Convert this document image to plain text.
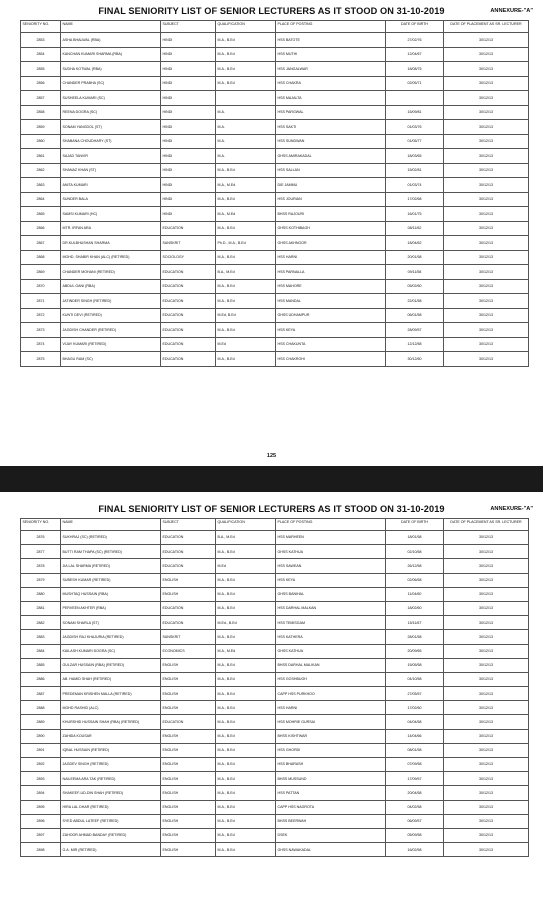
FINAL SENIORITY LIST OF SENIOR LECTURERS AS IT STOOD ON 31-10-2019	ANNEXURE-"A"
SENIORITY NO.	NAME	SUBJECT	QUALIFICATION	PLACE OF POSTING	DATE OF BIRTH	DATE OF PLACEMENT AS SR. LECTURER
2853	ASHA BHALWAL (RBA)	HINDI	M.A., B.Ed	HSS BATOTE	27/02/76	30/12/13
2854	KANCHAN KUMARI SHARMA (RBA)	HINDI	M.A., B.Ed	HSS MUTHI	12/04/67	30/12/13
2855	SUDHA KOTWAL (RBA)	HINDI	M.A., B.Ed	HSS JANGALWAR	18/08/75	30/12/13
2856	CHANDER PRABHA (SC)	HINDI	M.A., B.Ed	HSS CHAKRA	02/05/71	30/12/13
2857	SUSHEELA KUMARI (SC)	HINDI		HSS MAJALTA		30/12/13
2858	REENA DOGRA (SC)	HINDI	M.A.	HSS PARGWAL	15/09/81	30/12/13
2859	SONAM YANGDOL (ST)	HINDI	M.A.	HSS SAKTI	01/03/76	30/12/13
2860	SHABANA CHOUDHARY (ST)	HINDI	M.A.	HSS SUNDWAN	01/05/77	30/12/13
2861	SAJAD TANVIR	HINDI	M.A.	GHSS AMIRAKADAL	18/03/65	30/12/13
2862	SHANAZ KHAN (ST)	HINDI	M.A., B.Ed	HSS SALLAN	15/02/81	30/12/13
2863	ANITA KUMARI	HINDI	M.A., M.Ed	DIE JAMMU	01/03/74	30/12/13
2864	SUNDER BALA	HINDI	M.A., B.Ed	HSS JOURIAN	17/02/68	30/12/13
2865	SAMSI KUMARI (HC)	HINDI	M.A., M.Ed	BHSS RAJOURI	16/01/75	30/12/13
2866	MTR. IRFAN ARA	EDUCATION	M.A., B.Ed	GHSS KOTHIBAGH	08/11/62	30/12/13
2867	DR.KULBHUSHAN SHARMA	SANSKRIT	Ph.D., M.A., B.Ed	GHSS AKHNOOR	18/04/62	30/12/13
2868	MOHD. SHABIR KHAN (ALC) (RETIRED)	SOCIOLOGY	M.A., B.Ed	HSS HARNI	20/01/58	30/12/13
2869	CHANDER MOHANI (RETIRED)	EDUCATION	B.A., M.Ed	HSS PARNALLA	09/11/58	30/12/13
2870	ABDUL GANI (RBA)	EDUCATION	M.A., B.Ed	HSS MAHORE	05/02/60	30/12/13
2871	JATINDER SINGH (RETIRED)	EDUCATION	M.A., B.Ed	HSS MANDAL	22/01/58	30/12/13
2872	KUNTI DEVI (RETIRED)	EDUCATION	M.Ed, B.Ed	GHSS UDHAMPUR	06/01/58	30/12/13
2873	JAGDISH CHANDER (RETIRED)	EDUCATION	M.A., B.Ed	HSS KEYA	28/09/57	30/12/13
2874	VIJAY KUMARI (RETIRED)	EDUCATION	M.Ed	HSS CHAKUNTA	12/12/58	30/12/13
2875	BHAGU RAM (SC)	EDUCATION	M.A., B.Ed	HSS CHAKROHI	30/12/60	30/12/13
125
FINAL SENIORITY LIST OF SENIOR LECTURERS AS IT STOOD ON 31-10-2019	ANNEXURE-"A"
SENIORITY NO.	NAME	SUBJECT	QUALIFICATION	PLACE OF POSTING	DATE OF BIRTH	DATE OF PLACEMENT AS SR. LECTURER
2876	SUKHRAJ (SC) (RETIRED)	EDUCATION	B.A., M.Ed	HSS MARHEEN	18/01/58	30/12/13
2877	BUTTI RAM THAPA (SC) (RETIRED)	EDUCATION	M.A., B.Ed	GHSS KATHUA	02/10/58	30/12/13
2878	JIA LAL SHARMA (RETIRED)	EDUCATION	M.Ed	HSS SAWEAN	26/12/58	30/12/13
2879	SUBESH KUMAR (RETIRED)	ENGLISH	M.A., B.Ed	HSS KEYA	02/06/58	30/12/13
2880	MUSHTAQ HUSSAIN (RBA)	ENGLISH	M.A., B.Ed	GHSS BANIHAL	11/04/60	30/12/13
2881	PERVEEN AKHTER (RBA)	EDUCATION	M.A., B.Ed	HSS DARHAL MALKAN	18/02/60	30/12/13
2882	SONAM SHARLA (ST)	EDUCATION	M.Ed., B.Ed	HSS TEMISGAM	15/11/67	30/12/13
2883	JAGDISH RAJ KHAJURIA (RETIRED)	SANSKRIT	M.A., B.Ed	HSS KATHERA	28/01/58	30/12/13
2884	KAILASH KUMARI DOGRA (SC)	ECONOMICS	M.A., M.Ed	GHSS KATHUA	20/09/65	30/12/13
2885	GULZAR HUSSAIN (RBA) (RETIRED)	ENGLISH	M.A., B.Ed	BHSS DARHAL MALIKAN	15/05/58	30/12/13
2886	AB. HAMID SHAH (RETIRED)	ENGLISH	M.A., B.Ed	HSS GOSHBUGH	04/10/58	30/12/13
2887	PREDEMAN KRISHEN MALLA (RETIRED)	ENGLISH	M.A., B.Ed	CAPP HSS PURKHOO	27/05/57	30/12/13
2888	MOHD RASHID (ALC)	ENGLISH	M.A., B.Ed	HSS HARNI	17/02/60	30/12/13
2889	KHURSHID HUSSAIN SHAH (RBA) (RETIRED)	EDUCATION	M.A., B.Ed	HSS MOHRIE GURSAI	04/04/58	30/12/13
2890	ZAHIDA KOUSAR	ENGLISH	M.A., B.Ed	BHSS KISHTWAR	14/04/66	30/12/13
2891	IQBAL HUSSAIN (RETIRED)	ENGLISH	M.A., B.Ed	HSS GHORDI	08/01/58	30/12/13
2892	JAGDEV SINGH (RETIRED)	ENGLISH	M.A., B.Ed	HSS BHARASH	07/09/58	30/12/13
2893	NAILEEMA ARA TAK (RETIRED)	ENGLISH	M.A., B.Ed	BHSS MUSSUND	17/09/57	30/12/13
2894	SHAKEEF-UD-DIN SHAH (RETIRED)	ENGLISH	M.A., B.Ed	HSS PATTAN	20/04/58	30/12/13
2895	HIRA LAL DHAR (RETIRED)	ENGLISH	M.A., B.Ed	CAPP HSS NAGROTA	04/02/58	30/12/13
2896	SYED ABDUL LATEEF (RETIRED)	ENGLISH	M.A., B.Ed	BHSS BEERWAH	06/09/57	30/12/13
2897	ZAHOOR AHMAD BANDAY (RETIRED)	ENGLISH	M.A., B.Ed	DSEK	05/09/58	30/12/13
2898	G.A. MIR (RETIRED)	ENGLISH	M.A., B.Ed	GHSS NAWAKADAL	16/02/58	30/12/13
